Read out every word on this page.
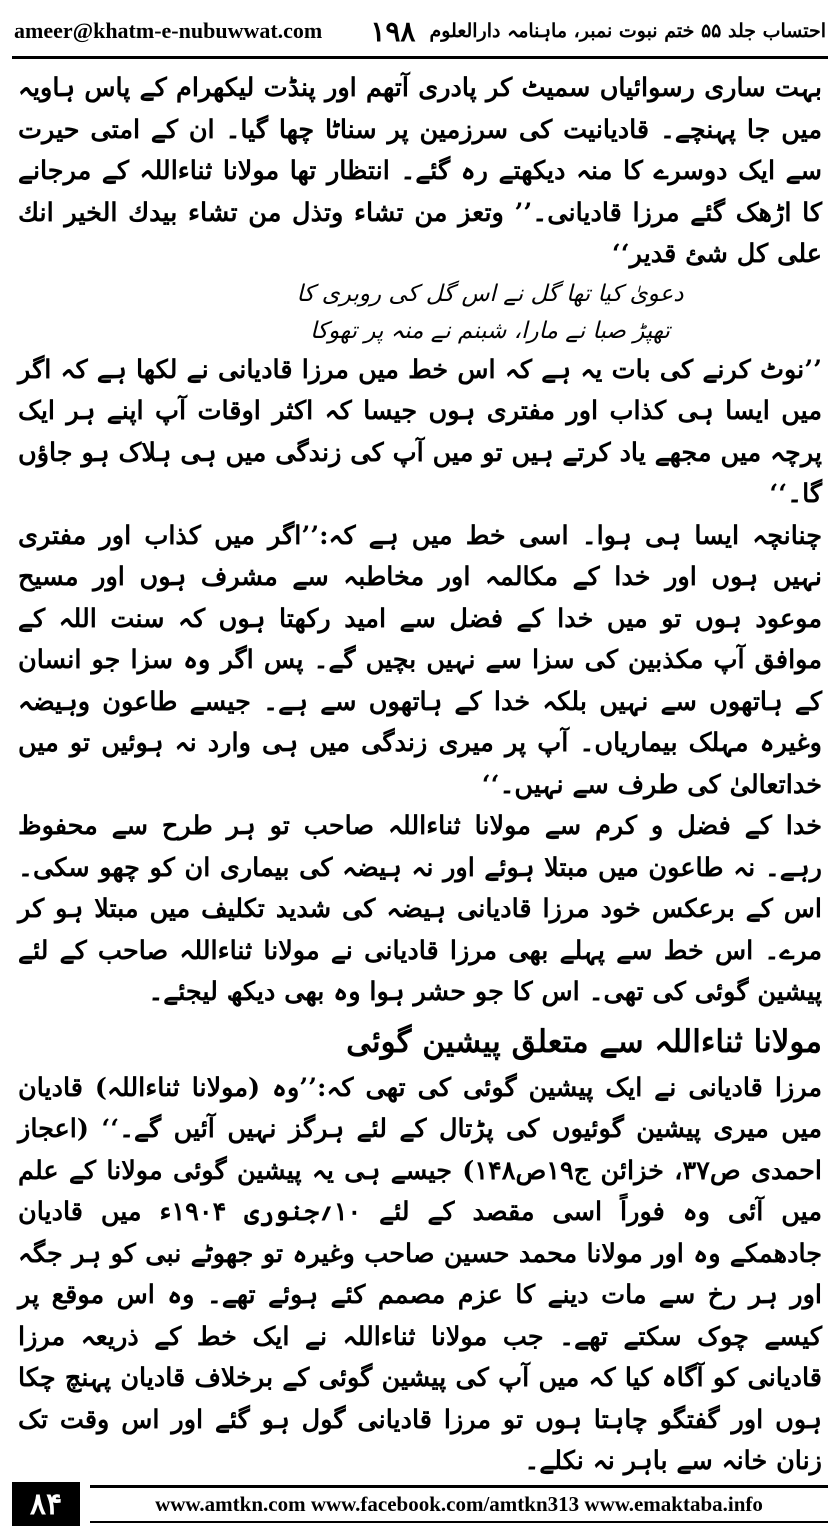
ameer@khatm-e-nubuwwat.com	احتساب جلد ۵۵ ختم نبوت نمبر، ماہنامہ دارالعلوم
۱۹۸

بہت ساری رسوائیاں سمیٹ کر پادری آتھم اور پنڈت لیکھرام کے پاس ہاویہ میں جا پہنچے۔ قادیانیت کی سرزمین پر سناٹا چھا گیا۔ ان کے امتی حیرت سے ایک دوسرے کا منہ دیکھتے رہ گئے۔ انتظار تھا مولانا ثناءاللہ کے مرجانے کا اڑھک گئے مرزا قادیانی۔’’ وتعز من تشاء وتذل من تشاء بیدك الخیر انك علی كل شئ قدیر‘‘

دعویٰ کیا تھا گل نے اس گل کی روبری کا

تھپڑ صبا نے مارا، شبنم نے منہ پر تھوکا

’’نوٹ کرنے کی بات یہ ہے کہ اس خط میں مرزا قادیانی نے لکھا ہے کہ اگر میں ایسا ہی کذاب اور مفتری ہوں جیسا کہ اکثر اوقات آپ اپنے ہر ایک پرچہ میں مجھے یاد کرتے ہیں تو میں آپ کی زندگی میں ہی ہلاک ہو جاؤں گا۔‘‘

چنانچہ ایسا ہی ہوا۔ اسی خط میں ہے کہ:’’اگر میں کذاب اور مفتری نہیں ہوں اور خدا کے مکالمہ اور مخاطبہ سے مشرف ہوں اور مسیح موعود ہوں تو میں خدا کے فضل سے امید رکھتا ہوں کہ سنت اللہ کے موافق آپ مکذبین کی سزا سے نہیں بچیں گے۔ پس اگر وہ سزا جو انسان کے ہاتھوں سے نہیں بلکہ خدا کے ہاتھوں سے ہے۔ جیسے طاعون وہیضہ وغیرہ مہلک بیماریاں۔ آپ پر میری زندگی میں ہی وارد نہ ہوئیں تو میں خداتعالیٰ کی طرف سے نہیں۔‘‘

خدا کے فضل و کرم سے مولانا ثناءاللہ صاحب تو ہر طرح سے محفوظ رہے۔ نہ طاعون میں مبتلا ہوئے اور نہ ہیضہ کی بیماری ان کو چھو سکی۔ اس کے برعکس خود مرزا قادیانی ہیضہ کی شدید تکلیف میں مبتلا ہو کر مرے۔ اس خط سے پہلے بھی مرزا قادیانی نے مولانا ثناءاللہ صاحب کے لئے پیشین گوئی کی تھی۔ اس کا جو حشر ہوا وہ بھی دیکھ لیجئے۔

مولانا ثناءاللہ سے متعلق پیشین گوئی

مرزا قادیانی نے ایک پیشین گوئی کی تھی کہ:’’وہ (مولانا ثناءاللہ) قادیان میں میری پیشین گوئیوں کی پڑتال کے لئے ہرگز نہیں آئیں گے۔‘‘ (اعجاز احمدی ص۳۷، خزائن ج۱۹ص۱۴۸) جیسے ہی یہ پیشین گوئی مولانا کے علم میں آئی وہ فوراً اسی مقصد کے لئے ۱۰؍جنوری ۱۹۰۴ء میں قادیان جادھمکے وہ اور مولانا محمد حسین صاحب وغیرہ تو جھوٹے نبی کو ہر جگہ اور ہر رخ سے مات دینے کا عزم مصمم کئے ہوئے تھے۔ وہ اس موقع پر کیسے چوک سکتے تھے۔ جب مولانا ثناءاللہ نے ایک خط کے ذریعہ مرزا قادیانی کو آگاہ کیا کہ میں آپ کی پیشین گوئی کے برخلاف قادیان پہنچ چکا ہوں اور گفتگو چاہتا ہوں تو مرزا قادیانی گول ہو گئے اور اس وقت تک زنان خانہ سے باہر نہ نکلے۔

۸۴	www.amtkn.com www.facebook.com/amtkn313 www.emaktaba.info
